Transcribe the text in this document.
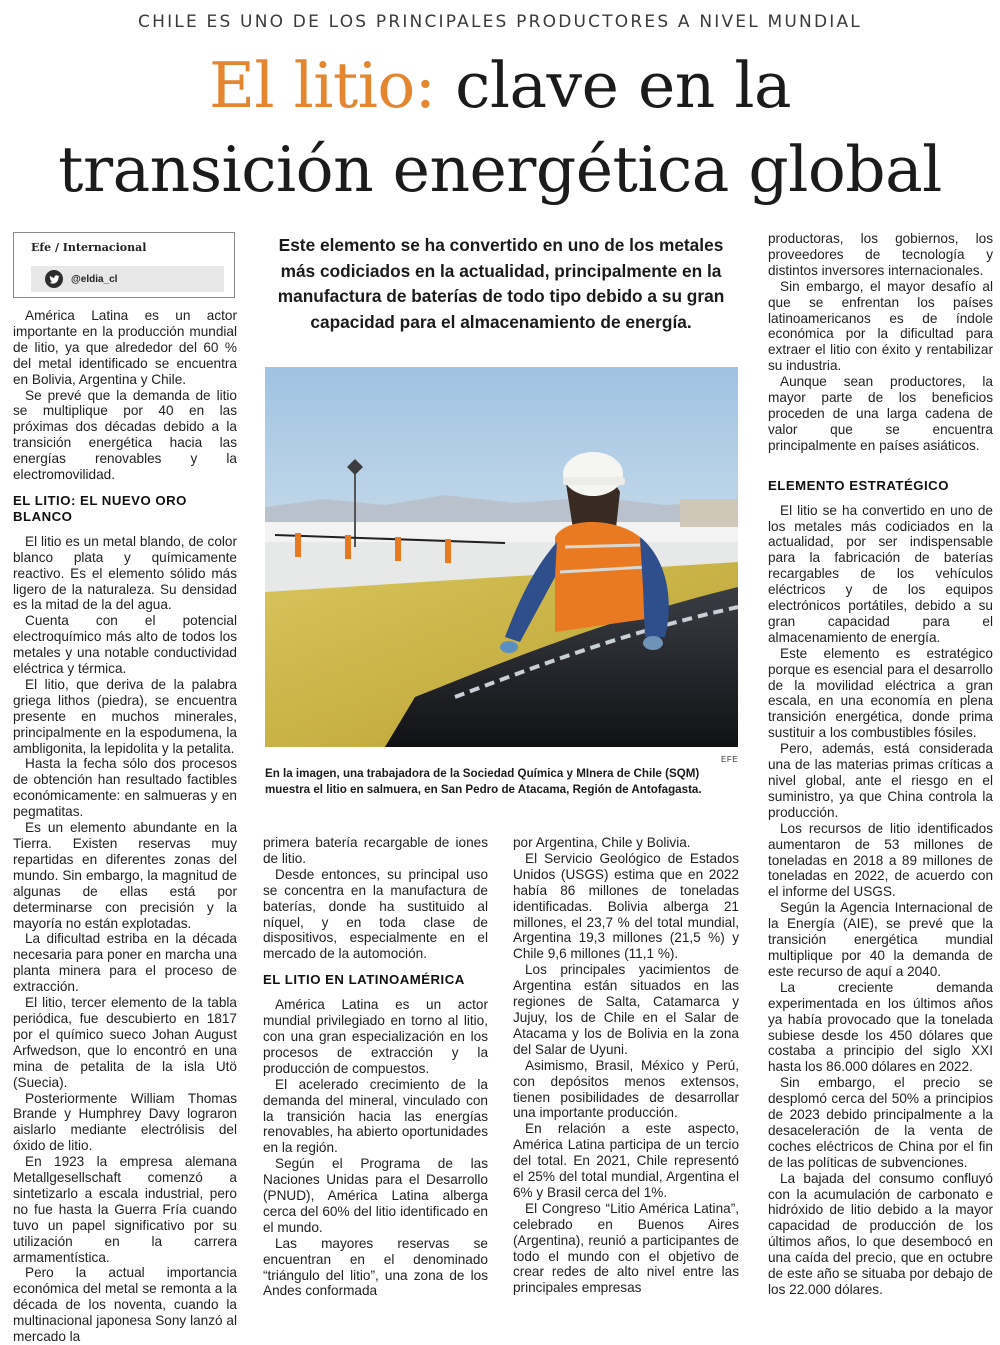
CHILE ES UNO DE LOS PRINCIPALES PRODUCTORES A NIVEL MUNDIAL
El litio: clave en la
transición energética global
Efe / Internacional
@eldia_cl

América Latina es un actor importante en la producción mundial de litio, ya que alrededor del 60 % del metal identificado se encuentra en Bolivia, Argentina y Chile.

Se prevé que la demanda de litio se multiplique por 40 en las próximas dos décadas debido a la transición energética hacia las energías renovables y la electromovilidad.

EL LITIO: EL NUEVO ORO BLANCO

El litio es un metal blando, de color blanco plata y químicamente reactivo. Es el elemento sólido más ligero de la naturaleza. Su densidad es la mitad de la del agua.

Cuenta con el potencial electroquímico más alto de todos los metales y una notable conductividad eléctrica y térmica.

El litio, que deriva de la palabra griega lithos (piedra), se encuentra presente en muchos minerales, principalmente en la espodumena, la ambligonita, la lepidolita y la petalita.

Hasta la fecha sólo dos procesos de obtención han resultado factibles económicamente: en salmueras y en pegmatitas.

Es un elemento abundante en la Tierra. Existen reservas muy repartidas en diferentes zonas del mundo. Sin embargo, la magnitud de algunas de ellas está por determinarse con precisión y la mayoría no están explotadas.

La dificultad estriba en la década necesaria para poner en marcha una planta minera para el proceso de extracción.

El litio, tercer elemento de la tabla periódica, fue descubierto en 1817 por el químico sueco Johan August Arfwedson, que lo encontró en una mina de petalita de la isla Utö (Suecia).

Posteriormente William Thomas Brande y Humphrey Davy lograron aislarlo mediante electrólisis del óxido de litio.

En 1923 la empresa alemana Metallgesellschaft comenzó a sintetizarlo a escala industrial, pero no fue hasta la Guerra Fría cuando tuvo un papel significativo por su utilización en la carrera armamentística.

Pero la actual importancia económica del metal se remonta a la década de los noventa, cuando la multinacional japonesa Sony lanzó al mercado la

Este elemento se ha convertido en uno de los metales más codiciados en la actualidad, principalmente en la manufactura de baterías de todo tipo debido a su gran capacidad para el almacenamiento de energía.
EFE
En la imagen, una trabajadora de la Sociedad Química y MInera de Chile (SQM) muestra el litio en salmuera, en San Pedro de Atacama, Región de Antofagasta.

primera batería recargable de iones de litio.

Desde entonces, su principal uso se concentra en la manufactura de baterías, donde ha sustituido al níquel, y en toda clase de dispositivos, especialmente en el mercado de la automoción.

EL LITIO EN LATINOAMÉRICA

América Latina es un actor mundial privilegiado en torno al litio, con una gran especialización en los procesos de extracción y la producción de compuestos.

El acelerado crecimiento de la demanda del mineral, vinculado con la transición hacia las energías renovables, ha abierto oportunidades en la región.

Según el Programa de las Naciones Unidas para el Desarrollo (PNUD), América Latina alberga cerca del 60% del litio identificado en el mundo.

Las mayores reservas se encuentran en el denominado “triángulo del litio”, una zona de los Andes conformada

por Argentina, Chile y Bolivia.

El Servicio Geológico de Estados Unidos (USGS) estima que en 2022 había 86 millones de toneladas identificadas. Bolivia alberga 21 millones, el 23,7 % del total mundial, Argentina 19,3 millones (21,5 %) y Chile 9,6 millones (11,1 %).

Los principales yacimientos de Argentina están situados en las regiones de Salta, Catamarca y Jujuy, los de Chile en el Salar de Atacama y los de Bolivia en la zona del Salar de Uyuni.

Asimismo, Brasil, México y Perú, con depósitos menos extensos, tienen posibilidades de desarrollar una importante producción.

En relación a este aspecto, América Latina participa de un tercio del total. En 2021, Chile representó el 25% del total mundial, Argentina el 6% y Brasil cerca del 1%.

El Congreso “Litio América Latina”, celebrado en Buenos Aires (Argentina), reunió a participantes de todo el mundo con el objetivo de crear redes de alto nivel entre las principales empresas

productoras, los gobiernos, los proveedores de tecnología y distintos inversores internacionales.

Sin embargo, el mayor desafío al que se enfrentan los países latinoamericanos es de índole económica por la dificultad para extraer el litio con éxito y rentabilizar su industria.

Aunque sean productores, la mayor parte de los beneficios proceden de una larga cadena de valor que se encuentra principalmente en países asiáticos.

ELEMENTO ESTRATÉGICO

El litio se ha convertido en uno de los metales más codiciados en la actualidad, por ser indispensable para la fabricación de baterías recargables de los vehículos eléctricos y de los equipos electrónicos portátiles, debido a su gran capacidad para el almacenamiento de energía.

Este elemento es estratégico porque es esencial para el desarrollo de la movilidad eléctrica a gran escala, en una economía en plena transición energética, donde prima sustituir a los combustibles fósiles.

Pero, además, está considerada una de las materias primas críticas a nivel global, ante el riesgo en el suministro, ya que China controla la producción.

Los recursos de litio identificados aumentaron de 53 millones de toneladas en 2018 a 89 millones de toneladas en 2022, de acuerdo con el informe del USGS.

Según la Agencia Internacional de la Energía (AIE), se prevé que la transición energética mundial multiplique por 40 la demanda de este recurso de aquí a 2040.

La creciente demanda experimentada en los últimos años ya había provocado que la tonelada subiese desde los 450 dólares que costaba a principio del siglo XXI hasta los 86.000 dólares en 2022.

Sin embargo, el precio se desplomó cerca del 50% a principios de 2023 debido principalmente a la desaceleración de la venta de coches eléctricos de China por el fin de las políticas de subvenciones.

La bajada del consumo confluyó con la acumulación de carbonato e hidróxido de litio debido a la mayor capacidad de producción de los últimos años, lo que desembocó en una caída del precio, que en octubre de este año se situaba por debajo de los 22.000 dólares.
